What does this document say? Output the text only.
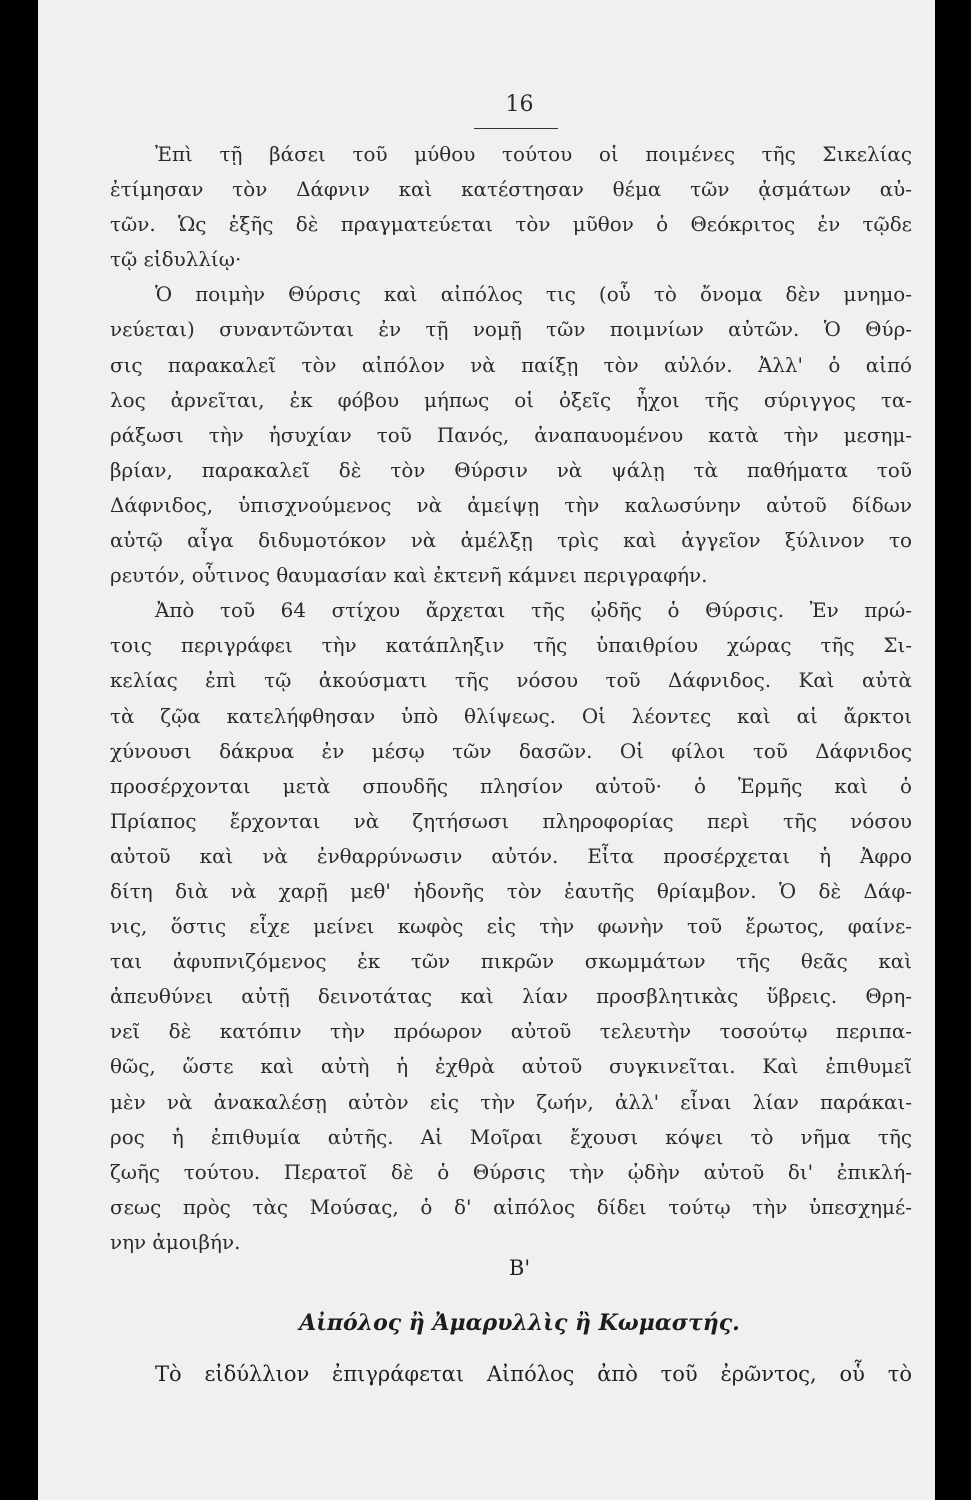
16
Ἐπὶ τῇ βάσει τοῦ μύθου τούτου οἱ ποιμένες τῆς Σικελίας
ἐτίμησαν τὸν Δάφνιν καὶ κατέστησαν θέμα τῶν ᾀσμάτων αὐ-
τῶν. Ὡς ἑξῆς δὲ πραγματεύεται τὸν μῦθον ὁ Θεόκριτος ἐν τῷδε
τῷ εἰδυλλίῳ·
Ὁ ποιμὴν Θύρσις καὶ αἰπόλος τις (οὗ τὸ ὄνομα δὲν μνημο-
νεύεται) συναντῶνται ἐν τῇ νομῇ τῶν ποιμνίων αὐτῶν. Ὁ Θύρ-
σις παρακαλεῖ τὸν αἰπόλον νὰ παίξῃ τὸν αὐλόν. Ἀλλ' ὁ αἰπό
λος ἀρνεῖται, ἐκ φόβου μήπως οἱ ὀξεῖς ἦχοι τῆς σύριγγος τα-
ράξωσι τὴν ἡσυχίαν τοῦ Πανός, ἀναπαυομένου κατὰ τὴν μεσημ-
βρίαν, παρακαλεῖ δὲ τὸν Θύρσιν νὰ ψάλῃ τὰ παθήματα τοῦ
Δάφνιδος, ὑπισχνούμενος νὰ ἀμείψῃ τὴν καλωσύνην αὐτοῦ δίδων
αὐτῷ αἶγα διδυμοτόκον νὰ ἀμέλξῃ τρὶς καὶ ἀγγεῖον ξύλινον το
ρευτόν, οὗτινος θαυμασίαν καὶ ἐκτενῆ κάμνει περιγραφήν.
Ἀπὸ τοῦ 64 στίχου ἄρχεται τῆς ᾠδῆς ὁ Θύρσις. Ἐν πρώ-
τοις περιγράφει τὴν κατάπληξιν τῆς ὑπαιθρίου χώρας τῆς Σι-
κελίας ἐπὶ τῷ ἀκούσματι τῆς νόσου τοῦ Δάφνιδος. Καὶ αὐτὰ
τὰ ζῷα κατελήφθησαν ὑπὸ θλίψεως. Οἱ λέοντες καὶ αἱ ἄρκτοι
χύνουσι δάκρυα ἐν μέσῳ τῶν δασῶν. Οἱ φίλοι τοῦ Δάφνιδος
προσέρχονται μετὰ σπουδῆς πλησίον αὐτοῦ· ὁ Ἑρμῆς καὶ ὁ
Πρίαπος ἔρχονται νὰ ζητήσωσι πληροφορίας περὶ τῆς νόσου
αὐτοῦ καὶ νὰ ἐνθαρρύνωσιν αὐτόν. Εἶτα προσέρχεται ἡ Ἀφρο
δίτη διὰ νὰ χαρῇ μεθ' ἡδονῆς τὸν ἑαυτῆς θρίαμβον. Ὁ δὲ Δάφ-
νις, ὅστις εἶχε μείνει κωφὸς εἰς τὴν φωνὴν τοῦ ἔρωτος, φαίνε-
ται ἀφυπνιζόμενος ἐκ τῶν πικρῶν σκωμμάτων τῆς θεᾶς καὶ
ἀπευθύνει αὐτῇ δεινοτάτας καὶ λίαν προσβλητικὰς ὕβρεις. Θρη-
νεῖ δὲ κατόπιν τὴν πρόωρον αὐτοῦ τελευτὴν τοσούτῳ περιπα-
θῶς, ὥστε καὶ αὐτὴ ἡ ἐχθρὰ αὐτοῦ συγκινεῖται. Καὶ ἐπιθυμεῖ
μὲν νὰ ἀνακαλέσῃ αὐτὸν εἰς τὴν ζωήν, ἀλλ' εἶναι λίαν παράκαι-
ρος ἡ ἐπιθυμία αὐτῆς. Αἱ Μοῖραι ἔχουσι κόψει τὸ νῆμα τῆς
ζωῆς τούτου. Περατοῖ δὲ ὁ Θύρσις τὴν ᾠδὴν αὐτοῦ δι' ἐπικλή-
σεως πρὸς τὰς Μούσας, ὁ δ' αἰπόλος δίδει τούτῳ τὴν ὑπεσχημέ-
νην ἀμοιβήν.
Β'
Αἰπόλος ἢ Ἀμαρυλλὶς ἢ Κωμαστής.
Τὸ εἰδύλλιον ἐπιγράφεται Αἰπόλος ἀπὸ τοῦ ἐρῶντος, οὗ τὸ
